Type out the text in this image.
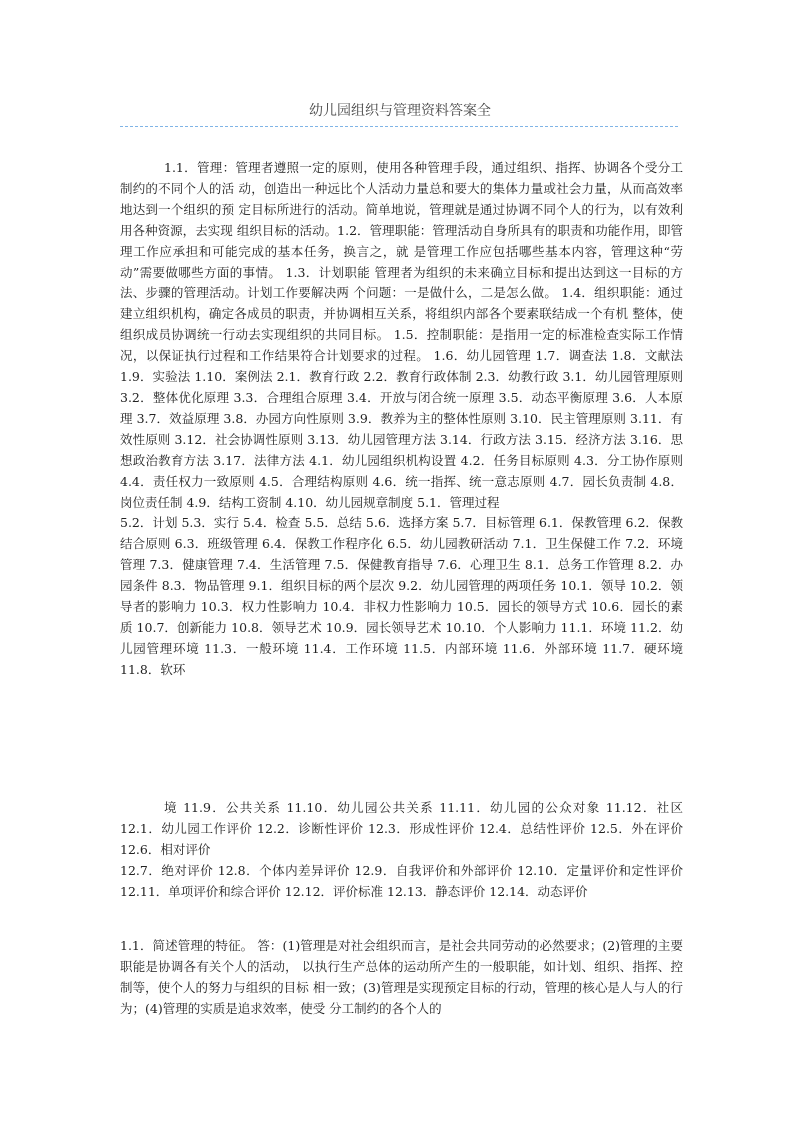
幼儿园组织与管理资料答案全

1.1．管理：管理者遵照一定的原则，使用各种管理手段，通过组织、指挥、协调各个受分工制约的不同个人的活 动，创造出一种远比个人活动力量总和要大的集体力量或社会力量，从而高效率地达到一个组织的预 定目标所进行的活动。简单地说，管理就是通过协调不同个人的行为，以有效利用各种资源，去实现 组织目标的活动。1.2．管理职能：管理活动自身所具有的职责和功能作用，即管理工作应承担和可能完成的基本任务，换言之，就 是管理工作应包括哪些基本内容，管理这种“劳动”需要做哪些方面的事情。 1.3．计划职能 管理者为组织的未来确立目标和提出达到这一目标的方法、步骤的管理活动。计划工作要解决两 个问题：一是做什么，二是怎么做。 1.4．组织职能：通过建立组织机构，确定各成员的职责，并协调相互关系，将组织内部各个要素联结成一个有机 整体，使组织成员协调统一行动去实现组织的共同目标。 1.5．控制职能：是指用一定的标准检查实际工作情况，以保证执行过程和工作结果符合计划要求的过程。 1.6．幼儿园管理 1.7．调查法 1.8．文献法 1.9．实验法 1.10．案例法 2.1．教育行政 2.2．教育行政体制 2.3．幼教行政 3.1．幼儿园管理原则 3.2．整体优化原理 3.3．合理组合原理 3.4．开放与闭合统一原理 3.5．动态平衡原理 3.6．人本原理 3.7．效益原理 3.8．办园方向性原则 3.9．教养为主的整体性原则 3.10．民主管理原则 3.11．有效性原则 3.12．社会协调性原则 3.13．幼儿园管理方法 3.14．行政方法 3.15．经济方法 3.16．思想政治教育方法 3.17．法律方法 4.1．幼儿园组织机构设置 4.2．任务目标原则 4.3．分工协作原则 4.4．责任权力一致原则 4.5．合理结构原则 4.6．统一指挥、统一意志原则 4.7．园长负责制 4.8．岗位责任制 4.9．结构工资制 4.10．幼儿园规章制度 5.1．管理过程

5.2．计划 5.3．实行 5.4．检查 5.5．总结 5.6．选择方案 5.7．目标管理 6.1．保教管理 6.2．保教结合原则 6.3．班级管理 6.4．保教工作程序化 6.5．幼儿园教研活动 7.1．卫生保健工作 7.2．环境管理 7.3．健康管理 7.4．生活管理 7.5．保健教育指导 7.6．心理卫生 8.1．总务工作管理 8.2．办园条件 8.3．物品管理 9.1．组织目标的两个层次 9.2．幼儿园管理的两项任务 10.1．领导 10.2．领导者的影响力 10.3．权力性影响力 10.4．非权力性影响力 10.5．园长的领导方式 10.6．园长的素质 10.7．创新能力 10.8．领导艺术 10.9．园长领导艺术 10.10．个人影响力 11.1．环境 11.2．幼儿园管理环境 11.3．一般环境 11.4．工作环境 11.5．内部环境 11.6．外部环境 11.7．硬环境 11.8．软环

境 11.9．公共关系 11.10．幼儿园公共关系 11.11．幼儿园的公众对象 11.12．社区 12.1．幼儿园工作评价 12.2．诊断性评价 12.3．形成性评价 12.4．总结性评价 12.5．外在评价 12.6．相对评价

12.7．绝对评价 12.8．个体内差异评价 12.9．自我评价和外部评价 12.10．定量评价和定性评价 12.11．单项评价和综合评价 12.12．评价标准 12.13．静态评价 12.14．动态评价

1.1．简述管理的特征。 答：(1)管理是对社会组织而言，是社会共同劳动的必然要求；(2)管理的主要职能是协调各有关个人的活动， 以执行生产总体的运动所产生的一般职能，如计划、组织、指挥、控制等，使个人的努力与组织的目标 相一致；(3)管理是实现预定目标的行动，管理的核心是人与人的行为；(4)管理的实质是追求效率，使受 分工制约的各个人的
